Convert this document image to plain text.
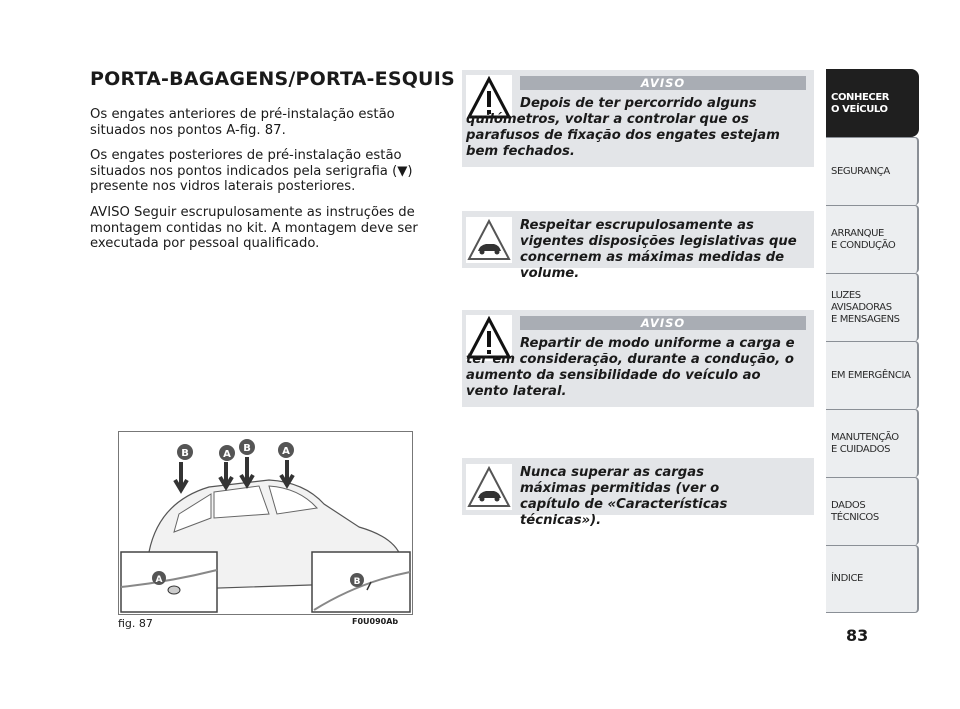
PORTA-BAGAGENS/PORTA-ESQUIS
Os engates anteriores de pré-instalação estão situados nos pontos A-fig. 87.
Os engates posteriores de pré-instalação estão situados nos pontos indicados pela serigrafia (▼) presente nos vidros laterais posteriores.
AVISO Seguir escrupulosamente as instruções de montagem contidas no kit. A montagem deve ser executada por pessoal qualificado.
B	A
B	A
A	B
fig. 87	F0U090Ab
AVISO
Depois de ter percorrido alguns quilómetros, voltar a controlar que os parafusos de fixação dos engates estejam bem fechados.
Respeitar escrupulosamente as vigentes disposições legislativas que concernem as máximas medidas de volume.
AVISO
Repartir de modo uniforme a carga e ter em consideração, durante a condução, o aumento da sensibilidade do veículo ao vento lateral.
Nunca superar as cargas máximas permitidas (ver o capítulo de «Características técnicas»).
CONHECER
O VEÍCULO
SEGURANÇA
ARRANQUE
E CONDUÇÃO
LUZES
AVISADORAS
E MENSAGENS
EM EMERGÊNCIA
MANUTENÇÃO
E CUIDADOS
DADOS
TÉCNICOS
ÍNDICE
83
